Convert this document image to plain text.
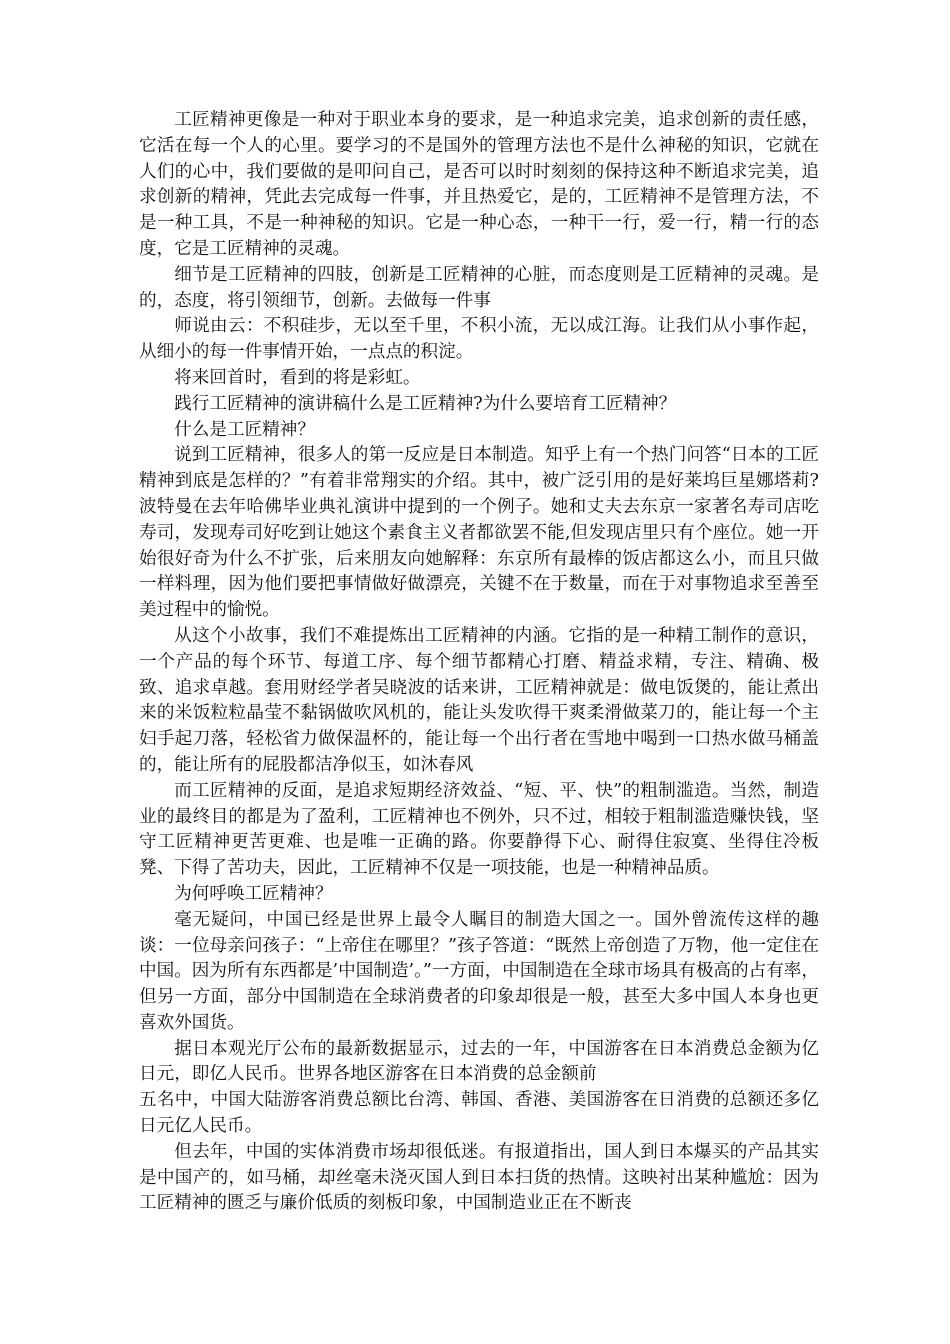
工匠精神更像是一种对于职业本身的要求，是一种追求完美，追求创新的责任感，它活在每一个人的心里。要学习的不是国外的管理方法也不是什么神秘的知识，它就在人们的心中，我们要做的是叩问自己，是否可以时时刻刻的保持这种不断追求完美，追求创新的精神，凭此去完成每一件事，并且热爱它，是的，工匠精神不是管理方法，不是一种工具，不是一种神秘的知识。它是一种心态，一种干一行，爱一行，精一行的态度，它是工匠精神的灵魂。

细节是工匠精神的四肢，创新是工匠精神的心脏，而态度则是工匠精神的灵魂。是的，态度，将引领细节，创新。去做每一件事

师说由云：不积硅步，无以至千里，不积小流，无以成江海。让我们从小事作起，从细小的每一件事情开始，一点点的积淀。

将来回首时，看到的将是彩虹。

践行工匠精神的演讲稿什么是工匠精神?为什么要培育工匠精神？

什么是工匠精神？

说到工匠精神，很多人的第一反应是日本制造。知乎上有一个热门问答“日本的工匠精神到底是怎样的？”有着非常翔实的介绍。其中，被广泛引用的是好莱坞巨星娜塔莉?波特曼在去年哈佛毕业典礼演讲中提到的一个例子。她和丈夫去东京一家著名寿司店吃寿司，发现寿司好吃到让她这个素食主义者都欲罢不能,但发现店里只有个座位。她一开始很好奇为什么不扩张，后来朋友向她解释：东京所有最棒的饭店都这么小，而且只做一样料理，因为他们要把事情做好做漂亮，关键不在于数量，而在于对事物追求至善至美过程中的愉悦。

从这个小故事，我们不难提炼出工匠精神的内涵。它指的是一种精工制作的意识，一个产品的每个环节、每道工序、每个细节都精心打磨、精益求精，专注、精确、极致、追求卓越。套用财经学者吴晓波的话来讲，工匠精神就是：做电饭煲的，能让煮出来的米饭粒粒晶莹不黏锅做吹风机的，能让头发吹得干爽柔滑做菜刀的，能让每一个主妇手起刀落，轻松省力做保温杯的，能让每一个出行者在雪地中喝到一口热水做马桶盖的，能让所有的屁股都洁净似玉，如沐春风

而工匠精神的反面，是追求短期经济效益、“短、平、快”的粗制滥造。当然，制造业的最终目的都是为了盈利，工匠精神也不例外，只不过，相较于粗制滥造赚快钱，坚守工匠精神更苦更难、也是唯一正确的路。你要静得下心、耐得住寂寞、坐得住冷板凳、下得了苦功夫，因此，工匠精神不仅是一项技能，也是一种精神品质。

为何呼唤工匠精神？

毫无疑问，中国已经是世界上最令人瞩目的制造大国之一。国外曾流传这样的趣谈：一位母亲问孩子：“上帝住在哪里？”孩子答道：“既然上帝创造了万物，他一定住在中国。因为所有东西都是’中国制造’。”一方面，中国制造在全球市场具有极高的占有率，但另一方面，部分中国制造在全球消费者的印象却很是一般，甚至大多中国人本身也更喜欢外国货。

据日本观光厅公布的最新数据显示，过去的一年，中国游客在日本消费总金额为亿日元，即亿人民币。世界各地区游客在日本消费的总金额前

五名中，中国大陆游客消费总额比台湾、韩国、香港、美国游客在日消费的总额还多亿日元亿人民币。

但去年，中国的实体消费市场却很低迷。有报道指出，国人到日本爆买的产品其实是中国产的，如马桶，却丝毫未浇灭国人到日本扫货的热情。这映衬出某种尴尬：因为工匠精神的匮乏与廉价低质的刻板印象，中国制造业正在不断丧
